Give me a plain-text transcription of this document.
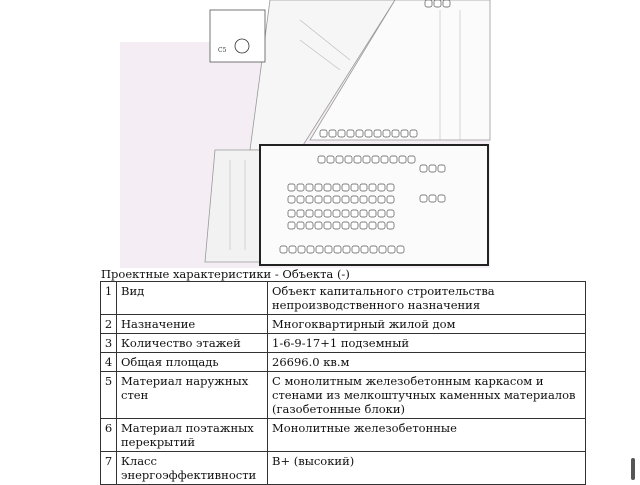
С5
Проектные характеристики - Объекта (-)
1	Вид	Объект капитального строительства непроизводственного назначения
2	Назначение	Многоквартирный жилой дом
3	Количество этажей	1-6-9-17+1 подземный
4	Общая площадь	26696.0 кв.м
5	Материал наружных стен	С монолитным железобетонным каркасом и стенами из мелкоштучных каменных материалов (газобетонные блоки)
6	Материал поэтажных перекрытий	Монолитные железобетонные
7	Класс энергоэффективности	B+ (высокий)
